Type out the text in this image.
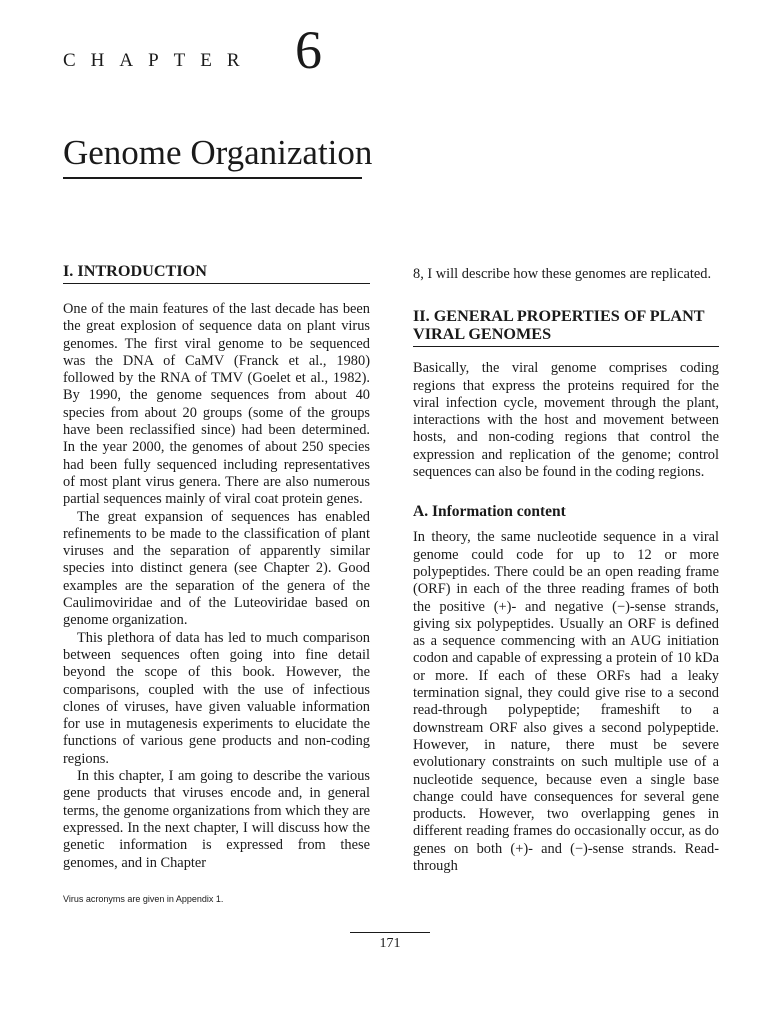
CHAPTER 6
Genome Organization
I. INTRODUCTION

One of the main features of the last decade has been the great explosion of sequence data on plant virus genomes. The first viral genome to be sequenced was the DNA of CaMV (Franck et al., 1980) followed by the RNA of TMV (Goelet et al., 1982). By 1990, the genome sequences from about 40 species from about 20 groups (some of the groups have been reclassified since) had been determined. In the year 2000, the genomes of about 250 species had been fully sequenced including representatives of most plant virus genera. There are also numerous partial sequences mainly of viral coat protein genes.

The great expansion of sequences has enabled refinements to be made to the classification of plant viruses and the separation of apparently similar species into distinct genera (see Chapter 2). Good examples are the separation of the genera of the Caulimoviridae and of the Luteoviridae based on genome organization.

This plethora of data has led to much comparison between sequences often going into fine detail beyond the scope of this book. However, the comparisons, coupled with the use of infectious clones of viruses, have given valuable information for use in mutagenesis experiments to elucidate the functions of various gene products and non-coding regions.

In this chapter, I am going to describe the various gene products that viruses encode and, in general terms, the genome organizations from which they are expressed. In the next chapter, I will discuss how the genetic information is expressed from these genomes, and in Chapter

8, I will describe how these genomes are replicated.

II. GENERAL PROPERTIES OF PLANT VIRAL GENOMES

Basically, the viral genome comprises coding regions that express the proteins required for the viral infection cycle, movement through the plant, interactions with the host and movement between hosts, and non-coding regions that control the expression and replication of the genome; control sequences can also be found in the coding regions.

A. Information content

In theory, the same nucleotide sequence in a viral genome could code for up to 12 or more polypeptides. There could be an open reading frame (ORF) in each of the three reading frames of both the positive (+)- and negative (−)-sense strands, giving six polypeptides. Usually an ORF is defined as a sequence commencing with an AUG initiation codon and capable of expressing a protein of 10 kDa or more. If each of these ORFs had a leaky termination signal, they could give rise to a second read-through polypeptide; frameshift to a downstream ORF also gives a second polypeptide. However, in nature, there must be severe evolutionary constraints on such multiple use of a nucleotide sequence, because even a single base change could have consequences for several gene products. However, two overlapping genes in different reading frames do occasionally occur, as do genes on both (+)- and (−)-sense strands. Read-through

Virus acronyms are given in Appendix 1.
171
